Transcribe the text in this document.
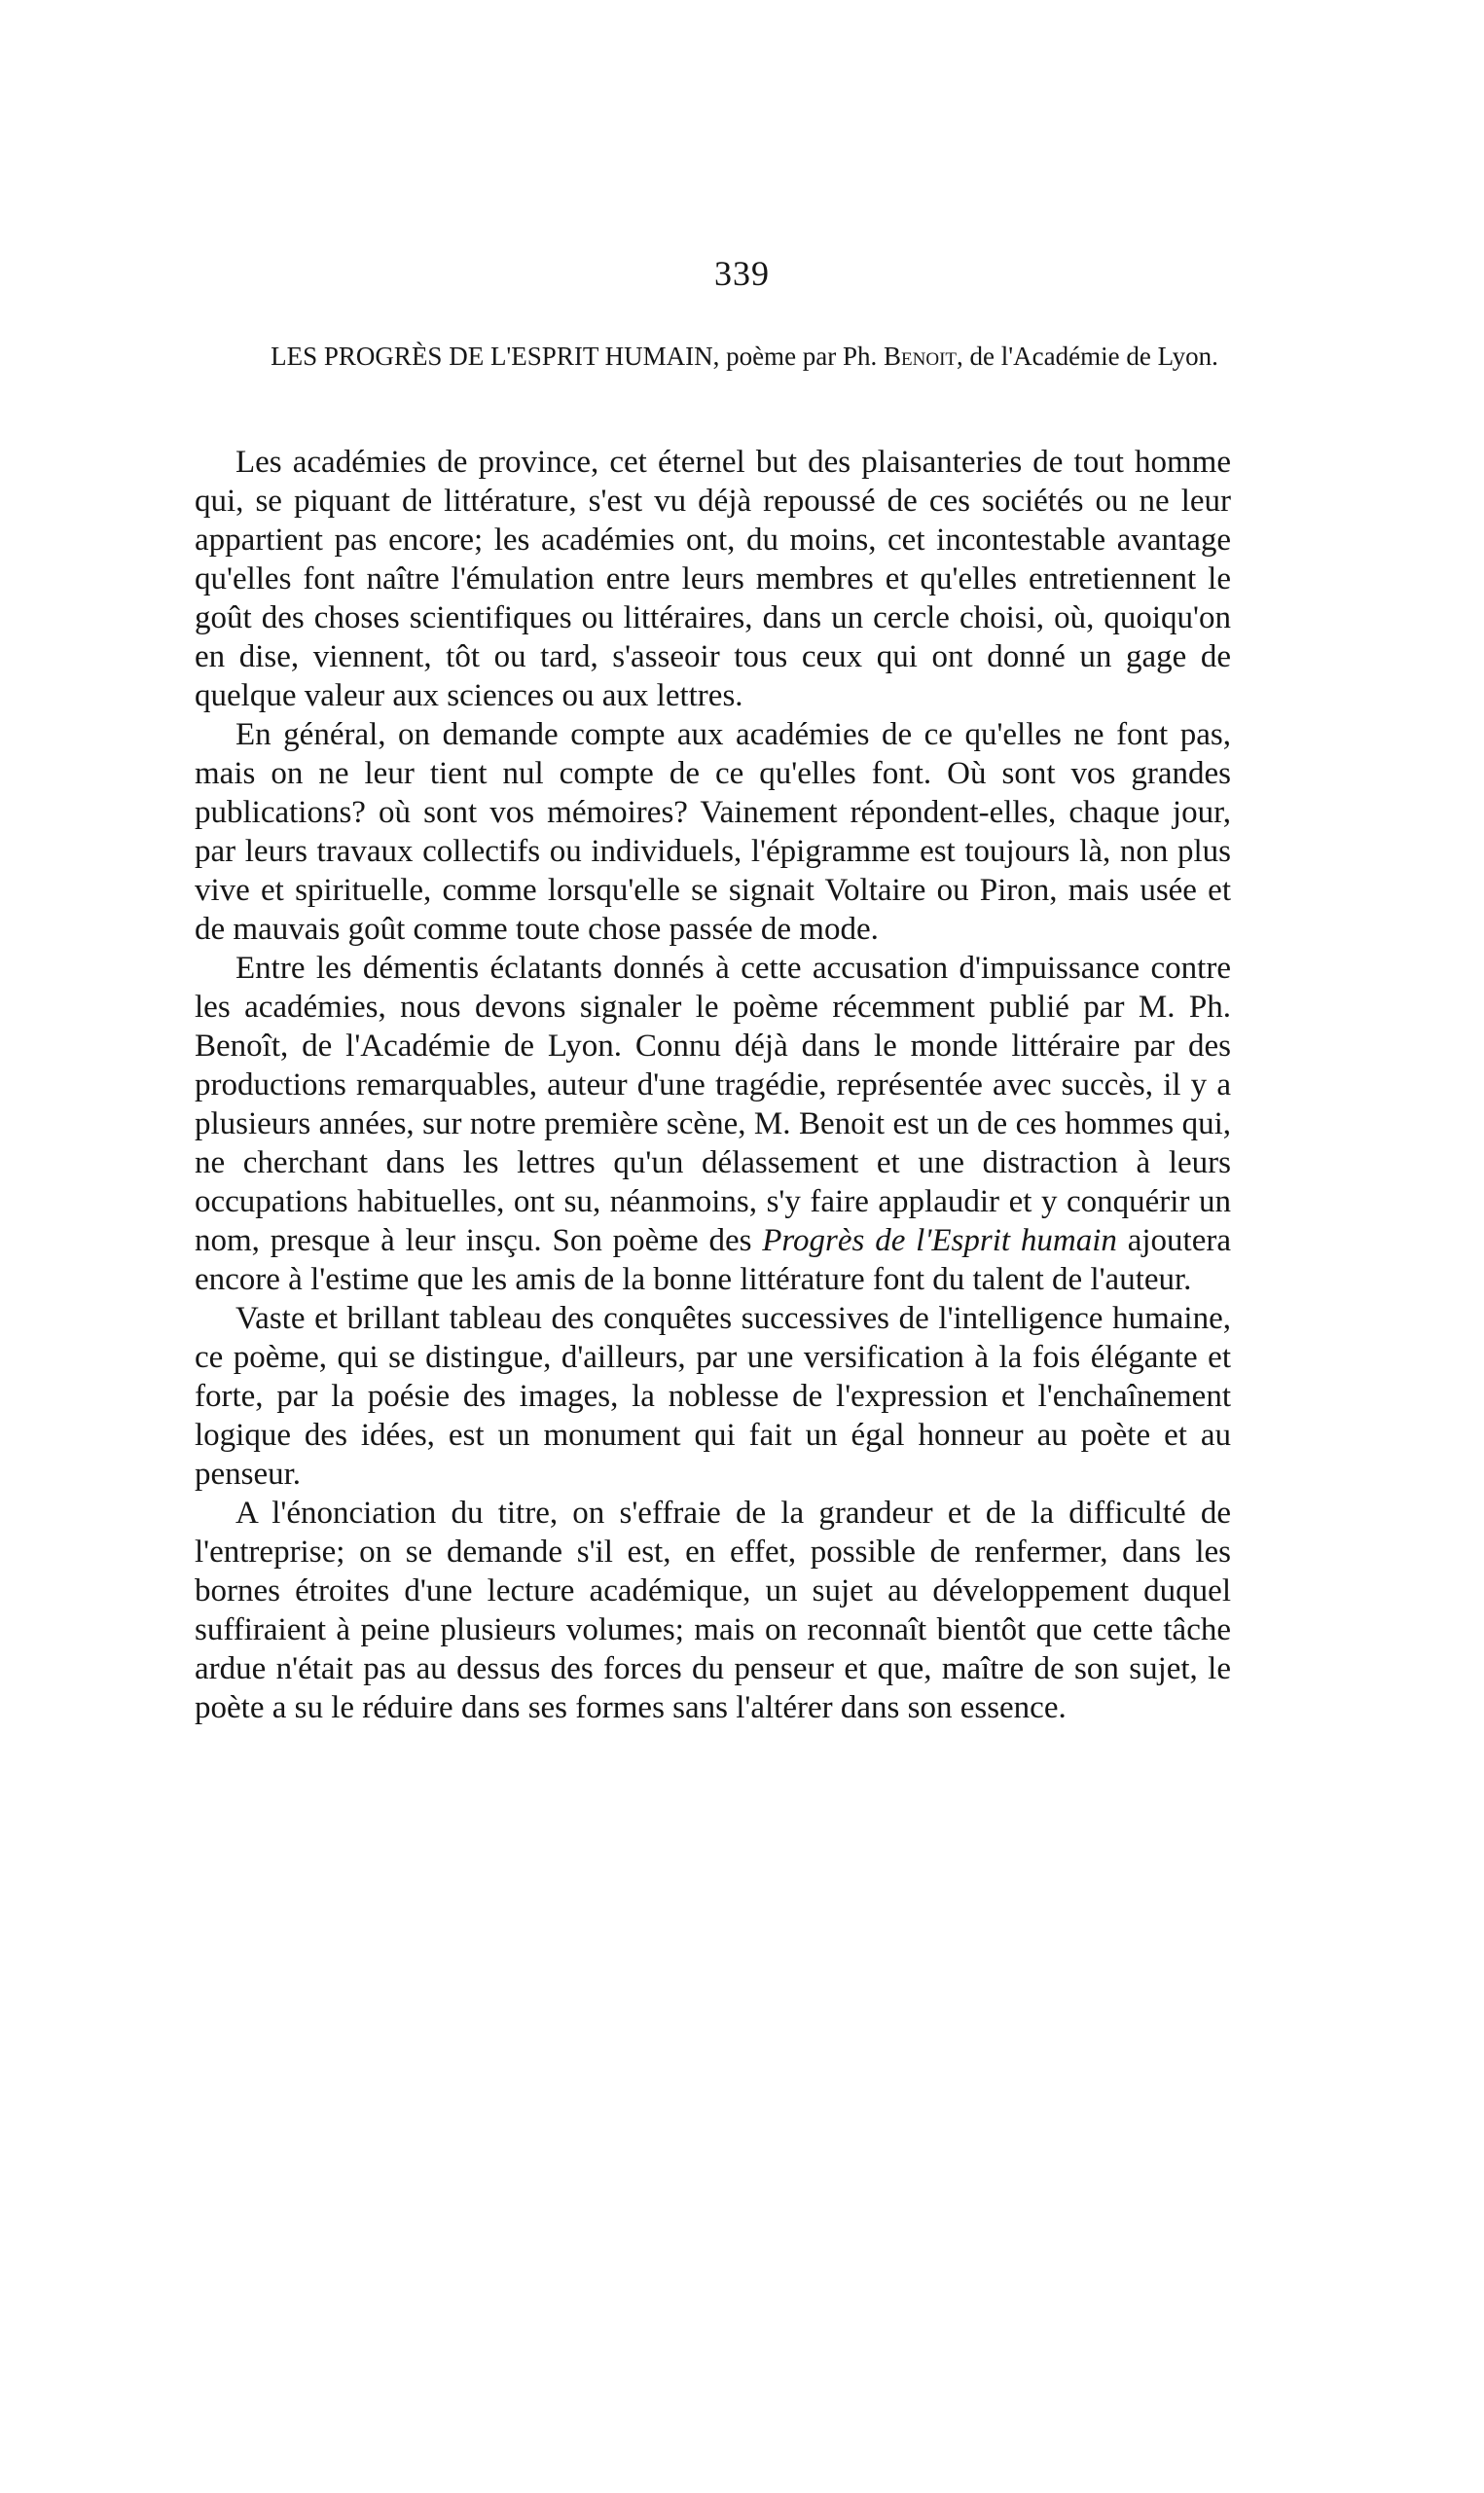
339
LES PROGRÈS DE L'ESPRIT HUMAIN, poème par Ph. Benoit, de l'Académie de Lyon.

Les académies de province, cet éternel but des plaisanteries de tout homme qui, se piquant de littérature, s'est vu déjà repoussé de ces sociétés ou ne leur appartient pas encore; les académies ont, du moins, cet incontestable avantage qu'elles font naître l'émulation entre leurs membres et qu'elles entretiennent le goût des choses scientifiques ou littéraires, dans un cercle choisi, où, quoiqu'on en dise, viennent, tôt ou tard, s'asseoir tous ceux qui ont donné un gage de quelque valeur aux sciences ou aux lettres.

En général, on demande compte aux académies de ce qu'elles ne font pas, mais on ne leur tient nul compte de ce qu'elles font. Où sont vos grandes publications? où sont vos mémoires? Vainement répondent-elles, chaque jour, par leurs travaux collectifs ou individuels, l'épigramme est toujours là, non plus vive et spirituelle, comme lorsqu'elle se signait Voltaire ou Piron, mais usée et de mauvais goût comme toute chose passée de mode.

Entre les démentis éclatants donnés à cette accusation d'impuissance contre les académies, nous devons signaler le poème récemment publié par M. Ph. Benoît, de l'Académie de Lyon. Connu déjà dans le monde littéraire par des productions remarquables, auteur d'une tragédie, représentée avec succès, il y a plusieurs années, sur notre première scène, M. Benoit est un de ces hommes qui, ne cherchant dans les lettres qu'un délassement et une distraction à leurs occupations habituelles, ont su, néanmoins, s'y faire applaudir et y conquérir un nom, presque à leur insçu. Son poème des Progrès de l'Esprit humain ajoutera encore à l'estime que les amis de la bonne littérature font du talent de l'auteur.

Vaste et brillant tableau des conquêtes successives de l'intelligence humaine, ce poème, qui se distingue, d'ailleurs, par une versification à la fois élégante et forte, par la poésie des images, la noblesse de l'expression et l'enchaînement logique des idées, est un monument qui fait un égal honneur au poète et au penseur.

A l'énonciation du titre, on s'effraie de la grandeur et de la difficulté de l'entreprise; on se demande s'il est, en effet, possible de renfermer, dans les bornes étroites d'une lecture académique, un sujet au développement duquel suffiraient à peine plusieurs volumes; mais on reconnaît bientôt que cette tâche ardue n'était pas au dessus des forces du penseur et que, maître de son sujet, le poète a su le réduire dans ses formes sans l'altérer dans son essence.
